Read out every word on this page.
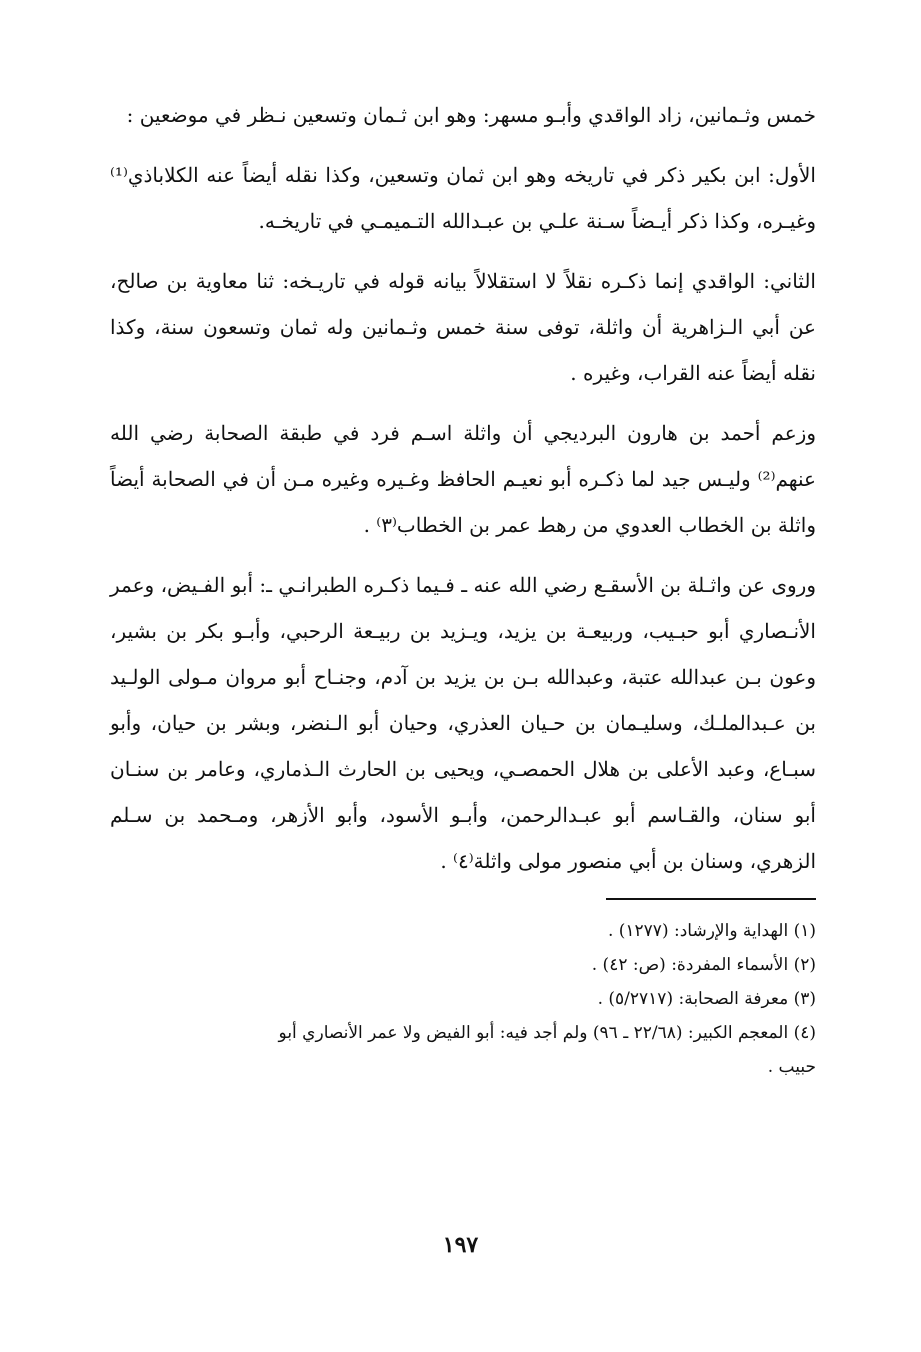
خمس وثـمانين، زاد الواقدي وأبـو مسهر: وهو ابن ثـمان وتسعين نـظر في موضعين :

الأول: ابن بكير ذكر في تاريخه وهو ابن ثمان وتسعين، وكذا نقله أيضاً عنه الكلاباذي⁽¹⁾ وغيـره، وكذا ذكر أيـضاً سـنة علـي بن عبـدالله التـميمـي في تاريخـه.

الثاني: الواقدي إنما ذكـره نقلاً لا استقلالاً بيانه قوله في تاريـخه: ثنا معاوية بن صالح، عن أبي الـزاهرية أن واثلة، توفى سنة خمس وثـمانين وله ثمان وتسعون سنة، وكذا نقله أيضاً عنه القراب، وغيره .

وزعم أحمد بن هارون البرديجي أن واثلة اسـم فرد في طبقة الصحابة رضي الله عنهم⁽²⁾ وليـس جيد لما ذكـره أبو نعيـم الحافظ وغـيره وغيره مـن أن في الصحابة أيضاً واثلة بن الخطاب العدوي من رهط عمر بن الخطاب⁽٣⁾ .

وروى عن واثـلة بن الأسقـع رضي الله عنه ـ فـيما ذكـره الطبرانـي ـ: أبو الفـيض، وعمر الأنـصاري أبو حبـيب، وربيعـة بن يزيد، ويـزيد بن ربيـعة الرحبي، وأبـو بكر بن بشير، وعون بـن عبدالله عتبة، وعبدالله بـن بن يزيد بن آدم، وجنـاح أبو مروان مـولى الولـيد بن عـبدالملـك، وسليـمان بن حـيان العذري، وحيان أبو الـنضر، وبشر بن حيان، وأبو سبـاع، وعبد الأعلى بن هلال الحمصـي، ويحيى بن الحارث الـذماري، وعامر بن سنـان أبو سنان، والقـاسم أبو عبـدالرحمن، وأبـو الأسود، وأبو الأزهر، ومـحمد بن سـلم الزهري، وسنان بن أبي منصور مولى واثلة⁽٤⁾ .

(١) الهداية والإرشاد: (١٢٧٧) .

(٢) الأسماء المفردة: (ص: ٤٢) .

(٣) معرفة الصحابة: (٥/٢٧١٧) .

(٤) المعجم الكبير: (٢٢/٦٨ ـ ٩٦) ولم أجد فيه: أبو الفيض ولا عمر الأنصاري أبو

حبيب .

١٩٧
